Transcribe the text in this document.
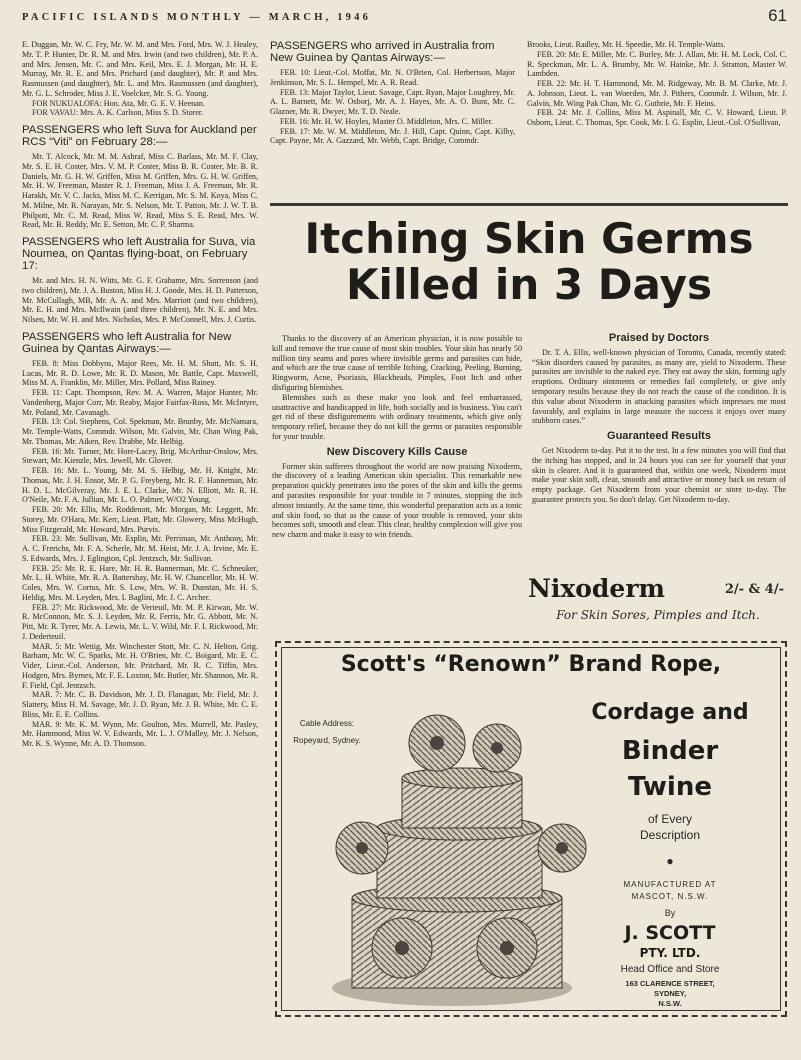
PACIFIC ISLANDS MONTHLY — MARCH, 1946	61

E. Duggan, Mr. W. C. Fry, Mr. W. M. and Mrs. Ford, Mrs. W. J. Healey, Mr. T. P. Hunter, Dr. R. M. and Mrs. Irwin (and two children), Mr. P. A. and Mrs. Jensen, Mr. C. and Mrs. Keil, Mrs. E. J. Morgan, Mr. H. E. Murray, Mr. R. E. and Mrs. Prichard (and daughter), Mr. P. and Mrs. Rasmussen (and daughter), Mr. L. and Mrs. Rasmussen (and daughter), Mr. G. L. Schroder, Miss J. E. Voelcker, Mr. S. G. Young.

FOR NUKUALOFA: Hon. Ata, Mr. G. E. V. Heenan.

FOR VAVAU: Mrs. A. K. Carlson, Miss S. D. Storer.

PASSENGERS who left Suva for Auckland per RCS “Viti” on February 28:—

Mr. T. Alcock, Mr. M. M. Ashraf, Miss C. Barlass, Mr. M. F. Clay, Mr. S. E. H. Coster, Mrs. V. M. P. Coster, Miss B. R. Coster, Mr. B. R. Daniels, Mr. G. H. W. Griffen, Miss M. Griffen, Mrs. G. H. W. Griffen, Mr. H. W. Freeman, Master R. J. Freeman, Miss J. A. Freeman, Mr. R. Harakh, Mr. V. C. Jacks, Miss M. C. Kerrigan, Mr. S. M. Koya, Miss C. M. Milne, Mr. R. Narayan, Mr. S. Nelson, Mr. T. Patton, Mr. J. W. T. B. Philpott, Mr. C. M. Read, Miss W. Read, Miss S. E. Read, Mrs. W. Read, Mr. B. Reddy, Mr. E. Setton, Mr. C. P. Sharma.

PASSENGERS who left Australia for Suva, via Noumea, on Qantas flying-boat, on February 17:

Mr. and Mrs. H. N. Witts, Mr. G. F. Grahame, Mrs. Sorrenson (and two children), Mr. J. A. Buston, Miss H. J. Goode, Mrs. H. D. Patterson, Mr. McCullagh, MB, Mr. A. A. and Mrs. Marriott (and two children), Mr. E. H. and Mrs. McIlwain (and three children), Mr. N. E. and Mrs. Nilsen, Mr. W. H. and Mrs. Nicholas, Mrs. P. McConnell, Mrs. J. Curtis.

PASSENGERS who left Australia for New Guinea by Qantas Airways:—

FEB. 8: Miss Dobbyns, Major Rees, Mr. H. M. Shutt, Mr. S. H. Lucas, Mr. R. D. Lowe, Mr. R. D. Mason, Mr. Battle, Capt. Maxwell, Miss M. A. Franklin, Mr. Miller, Mrs. Pollard, Miss Rainey.

FEB. 11: Capt. Thompson, Rev. M. A. Warren, Major Hunter, Mr. Vandenberg, Major Corr, Mr. Reaby, Major Fairfax-Ross, Mr. McIntyre, Mr. Poland, Mr. Cavanagh.

FEB. 13: Col. Stephens, Col. Spekman, Mr. Brunby, Mr. McNamara, Mr. Temple-Watts, Commdr. Wilson, Mr. Galvin, Mr. Chan Wing Pak, Mr. Thomas, Mr. Aiken, Rev. Drabbe, Mr. Helbig.

FEB. 16: Mr. Turner, Mr. Hore-Lacey, Brig. McArthur-Onslow, Mrs. Stewart, Mr. Kienzle, Mrs. Jewell, Mr. Glover.

FEB. 16: Mr. L. Young, Mr. M. S. Helbig, Mr. H. Knight, Mr. Thomas, Mr. J. H. Ensor, Mr. P. G. Freyberg, Mr. R. F. Hanneman, Mr. H. D. L. McGilveray, Mr. J. E. L. Clarke, Mr. N. Elliott, Mr. R. H. O'Neile, Mr. F. A. Jullian, Mr. L. O. Palmer, W/O2 Young.

FEB. 20: Mr. Ellis, Mr. Roddenott, Mr. Morgan, Mr. Leggett, Mr. Storey, Mr. O'Hara, Mr. Kerr, Lieut. Platt, Mr. Glowery, Miss McHugh, Miss Fitzgerald, Mr. Howard, Mrs. Purvis.

FEB. 23: Mr. Sullivan, Mr. Esplin, Mr. Perriman, Mr. Anthony, Mr. A. C. Frerichs, Mr. F. A. Scherle, Mr. M. Heist, Mr. J. A. Irvine, Mr. E. S. Edwards, Mrs. J. Eglington, Cpl. Jentzsch, Mr. Sullivan.

FEB. 25: Mr. R. E. Hare, Mr. H. R. Bannerman, Mr. C. Schneuker, Mr. L. H. White, Mr. R. A. Battersbay, Mr. H. W. Chancellor, Mr. H. W. Coles, Mrs. W. Cortus, Mr. S. Low, Mrs. W. R. Dunstan, Mr. H. S. Heldig, Mrs. M. Leyden, Mrs. I. Baglini, Mr. J. C. Archer.

FEB. 27: Mr. Rickwood, Mr. de Verteuil, Mr. M. P. Kirwan, Mr. W. R. McConnon, Mr. S. J. Leyden, Mr. R. Ferris, Mr. G. Abbott, Mr. N. Pitt, Mr. R. Tyrer, Mr. A. Lewis, Mr. L. V. Wild, Mr. F. I. Rickwood, Mr. J. Dederteuil.

MAR. 5: Mr. Wettig, Mr. Winchester Stott, Mr. C. N. Helton, Grig. Barham, Mr. W. C. Sparks, Mr. H. O'Brien, Mr. C. Boigard, Mr. E. C. Vider, Lieut.-Col. Anderson, Mr. Pritchard, Mr. R. C. Tiffin, Mrs. Hodgen, Mrs. Byrnes, Mr. F. E. Loxton, Mr. Butler, Mr. Shannon, Mr. R. F. Field, Cpl. Jentzsch.

MAR. 7: Mr. C. B. Davidson, Mr. J. D. Flanagan, Mr. Field, Mr. J. Slattery, Miss H. M. Savage, Mr. J. D. Ryan, Mr. J. B. White, Mr. C. E. Bliss, Mr. E. E. Collins.

MAR. 9: Mr. K. M. Wynn, Mr. Goulton, Mrs. Murrell, Mr. Pasley, Mr. Hammond, Miss W. V. Edwards, Mr. L. J. O'Malley, Mr. J. Nelson, Mr. K. S. Wynne, Mr. A. D. Thomson.

PASSENGERS who arrived in Australia from New Guinea by Qantas Airways:—

FEB. 10: Lieut.-Col. Moffat, Mr. N. O'Brien, Col. Herbertson, Major Jenkinson, Mr. S. L. Hempel, Mr. A. R. Read.

FEB. 13: Major Taylor, Lieut. Savage, Capt. Ryan, Major Loughrey, Mr. A. L. Barnett, Mr. W. Osborj, Mr. A. J. Hayes, Mr. A. O. Bunt, Mr. C. Glazner, Mr. R. Dwyer, Mr. T. D. Neale.

FEB. 16: Mr. H. W. Hoyles, Master O. Middleton, Mrs. C. Miller.

FEB. 17: Mr. W. M. Middleton, Mr. J. Hill, Capt. Quinn, Capt. Kilby, Capt. Payne, Mr. A. Gazzard, Mr. Webb, Capt. Bridge, Commdr.

Brooks, Lieut. Radley, Mr. H. Speedie, Mr. H. Temple-Watts.

FEB. 20: Mr. E. Miller, Mr. C. Burley, Mr. J. Allan, Mr. H. M. Lock, Col. C. R. Speckman, Mr. L. A. Brumby, Mr. W. Hainke, Mr. J. Stratton, Master W. Lambden.

FEB. 22: Mr. H. T. Hammond, Mr. M. Ridgeway, Mr. B. M. Clarke, Mr. J. A. Johnson, Lieut. L. van Woerden, Mr. J. Pithers, Commdr. J. Wilson, Mr. J. Galvin, Mr. Wing Pak Chan, Mr. G. Guthrie, Mr. F. Heins.

FEB. 24: Mr. J. Collins, Miss M. Aspinall, Mr. C. V. Howard, Lieut. P. Osborn, Lieut. C. Thomas, Spr. Cook, Mr. I. G. Esplin, Lieut.-Col. O'Sullivan,

Itching Skin Germs
Killed in 3 Days

Thanks to the discovery of an American physician, it is now possible to kill and remove the true cause of most skin troubles. Your skin has nearly 50 million tiny seams and pores where invisible germs and parasites can hide, and which are the true cause of terrible Itching, Cracking, Peeling, Burning, Ringworm, Acne, Psoriasis, Blackheads, Pimples, Foot Itch and other disfiguring blemishes.

Blemishes such as these make you look and feel embarrassed, unattractive and handicapped in life, both socially and in business. You can't get rid of these disfigurements with ordinary treatments, which give only temporary relief, because they do not kill the germs or parasites responsible for your trouble.

New Discovery Kills Cause

Former skin sufferers throughout the world are now praising Nixoderm, the discovery of a leading American skin specialist. This remarkable new preparation quickly penetrates into the pores of the skin and kills the germs and parasites responsible for your trouble in 7 minutes, stopping the itch almost instantly. At the same time, this wonderful preparation acts as a tonic and skin food, so that as the cause of your trouble is removed, your skin becomes soft, smooth and clear. This clear, healthy complexion will give you new charm and make it easy to win friends.

Praised by Doctors

Dr. T. A. Ellis, well-known physician of Toronto, Canada, recently stated: “Skin disorders caused by parasites, as many are, yield to Nixoderm. These parasites are invisible to the naked eye. They eat away the skin, forming ugly eruptions. Ordinary ointments or remedies fail completely, or give only temporary results because they do not reach the cause of the condition. It is this value about Nixoderm in attacking parasites which impresses me most favorably, and explains in large measure the success it enjoys over many stubborn cases.”

Guaranteed Results

Get Nixoderm to-day. Put it to the test. In a few minutes you will find that the itching has stopped, and in 24 hours you can see for yourself that your skin is clearer. And it is guaranteed that, within one week, Nixoderm must make your skin soft, clear, smooth and attractive or money back on return of empty package. Get Nixoderm from your chemist or store to-day. The guarantee protects you. So don't delay. Get Nixoderm to-day.

Nixoderm	2/- & 4/-
For Skin Sores, Pimples and Itch.
Scott's “Renown” Brand Rope,
Cable Address:
Ropeyard, Sydney.
Cordage and
Binder
Twine
of Every
Description
●
MANUFACTURED AT
MASCOT, N.S.W.
By
J. SCOTT
PTY. LTD.
Head Office and Store
163 CLARENCE STREET,
SYDNEY,
N.S.W.
